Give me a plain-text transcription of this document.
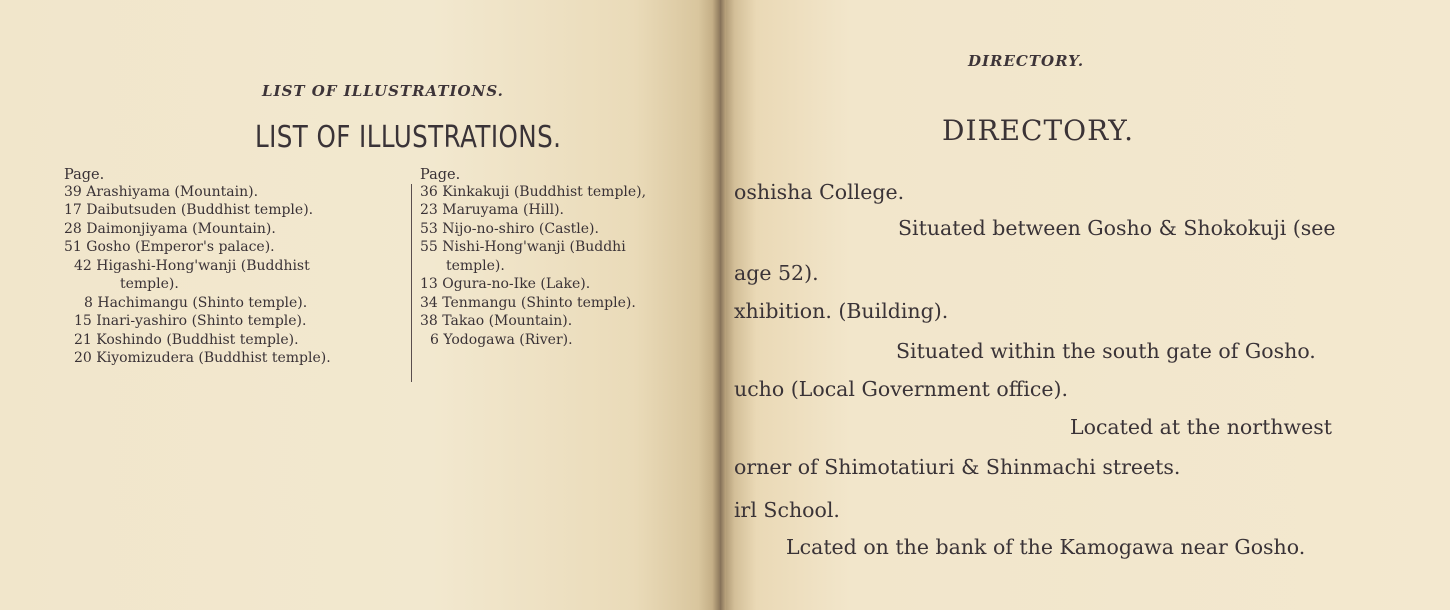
LIST OF ILLUSTRATIONS.
LIST OF ILLUSTRATIONS.
Page.
39 Arashiyama (Mountain).
17 Daibutsuden (Buddhist temple).
28 Daimonjiyama (Mountain).
51 Gosho (Emperor's palace).
42 Higashi-Hong'wanji (Buddhist
temple).
8 Hachimangu (Shinto temple).
15 Inari-yashiro (Shinto temple).
21 Koshindo (Buddhist temple).
20 Kiyomizudera (Buddhist temple).
Page.
36 Kinkakuji (Buddhist temple),
23 Maruyama (Hill).
53 Nijo-no-shiro (Castle).
55 Nishi-Hong'wanji (Buddhi
temple).
13 Ogura-no-Ike (Lake).
34 Tenmangu (Shinto temple).
38 Takao (Mountain).
6 Yodogawa (River).
DIRECTORY.
DIRECTORY.
oshisha College.
Situated between Gosho & Shokokuji (see
age 52).
xhibition. (Building).
Situated within the south gate of Gosho.
ucho (Local Government office).
Located at the northwest
orner of Shimotatiuri & Shinmachi streets.
irl School.
Lcated on the bank of the Kamogawa near Gosho.
